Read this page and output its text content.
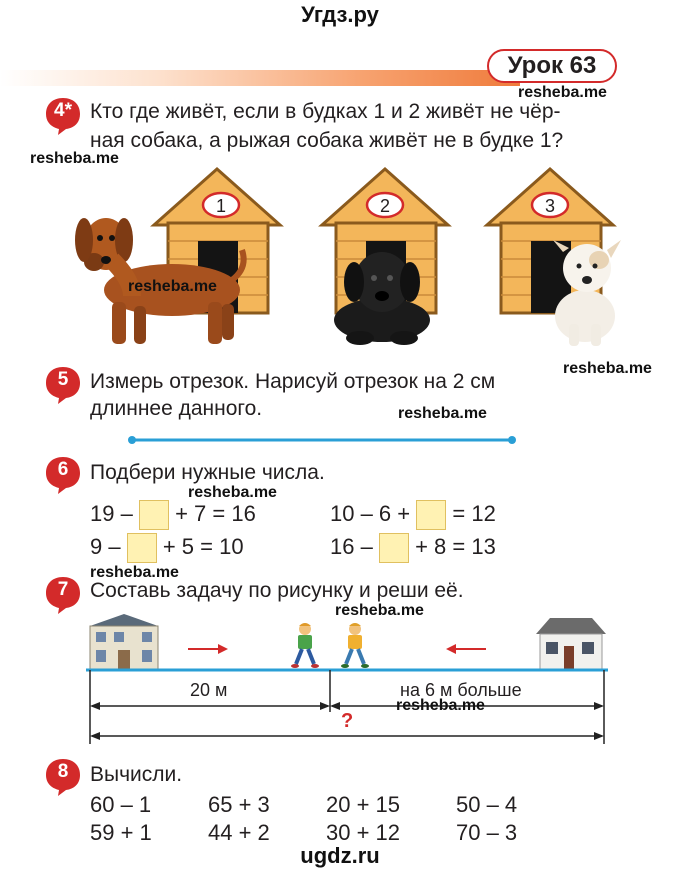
Угдз.ру
Урок 63
resheba.me
4* Кто где живёт, если в будках 1 и 2 живёт не чёр-
ная собака, а рыжая собака живёт не в будке 1?
resheba.me
1	2	3
resheba.me
resheba.me
5	Измерь отрезок. Нарисуй отрезок на 2 см
длиннее данного.	resheba.me
6	Подбери нужные числа.
resheba.me
19 – + 7 = 16	10 – 6 + = 12
9 – + 5 = 10	16 – + 8 = 13
resheba.me
7	Составь задачу по рисунку и реши её.
resheba.me
20 м	на 6 м больше
resheba.me
?
8	Вычисли.
60 – 1	65 + 3	20 + 15	50 – 4
59 + 1	44 + 2	30 + 12	70 – 3
ugdz.ru
